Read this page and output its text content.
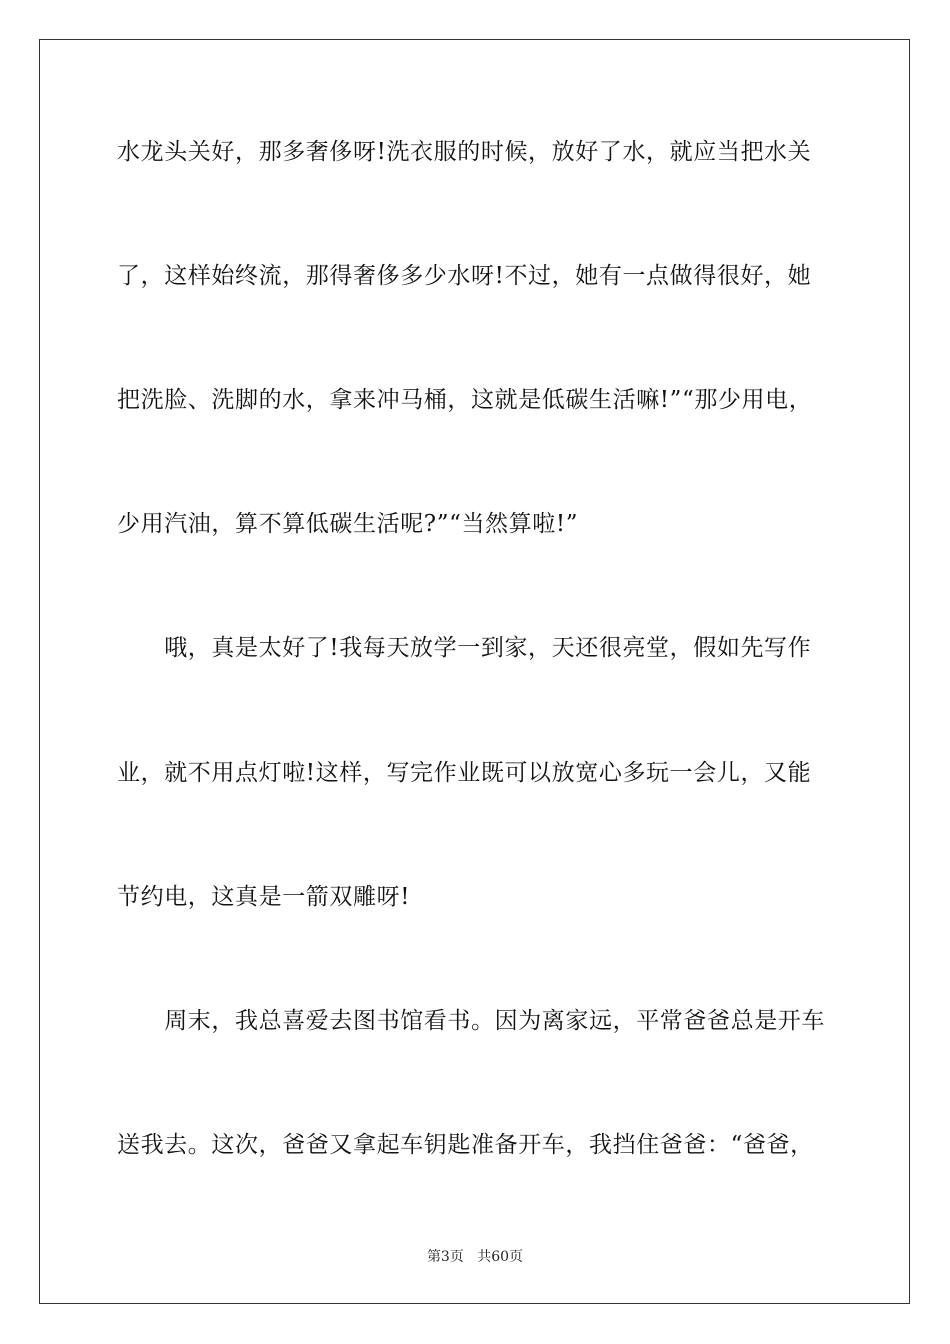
水龙头关好，那多奢侈呀!洗衣服的时候，放好了水，就应当把水关
了，这样始终流，那得奢侈多少水呀!不过，她有一点做得很好，她
把洗脸、洗脚的水，拿来冲马桶，这就是低碳生活嘛!”“那少用电，
少用汽油，算不算低碳生活呢?”“当然算啦!”
　　哦，真是太好了!我每天放学一到家，天还很亮堂，假如先写作
业，就不用点灯啦!这样，写完作业既可以放宽心多玩一会儿，又能
节约电，这真是一箭双雕呀!
　　周末，我总喜爱去图书馆看书。因为离家远，平常爸爸总是开车
送我去。这次，爸爸又拿起车钥匙准备开车，我挡住爸爸：“爸爸，
第3页 共60页
